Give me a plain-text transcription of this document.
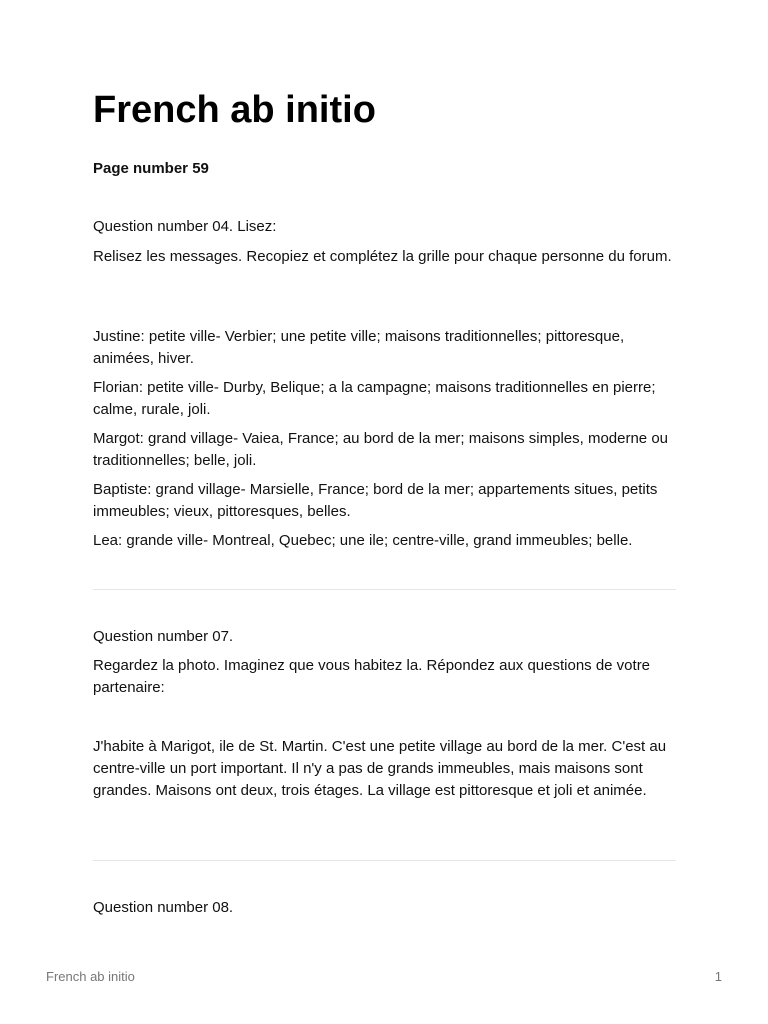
French ab initio

Page number 59

Question number 04. Lisez:

Relisez les messages. Recopiez et complétez la grille pour chaque personne du forum.

Justine: petite ville- Verbier; une petite ville; maisons traditionnelles; pittoresque, animées, hiver.

Florian: petite ville- Durby, Belique; a la campagne; maisons traditionnelles en pierre; calme, rurale, joli.

Margot: grand village- Vaiea, France; au bord de la mer; maisons simples, moderne ou traditionnelles; belle, joli.

Baptiste: grand village- Marsielle, France; bord de la mer; appartements situes, petits immeubles; vieux, pittoresques, belles.

Lea: grande ville- Montreal, Quebec; une ile; centre-ville, grand immeubles; belle.

Question number 07.

Regardez la photo. Imaginez que vous habitez la. Répondez aux questions de votre partenaire:

J'habite à Marigot, ile de St. Martin. C'est une petite village au bord de la mer. C'est au centre-ville un port important. Il n'y a pas de grands immeubles, mais maisons sont grandes. Maisons ont deux, trois étages. La village est pittoresque et joli et animée.

Question number 08.

French ab initio	1
